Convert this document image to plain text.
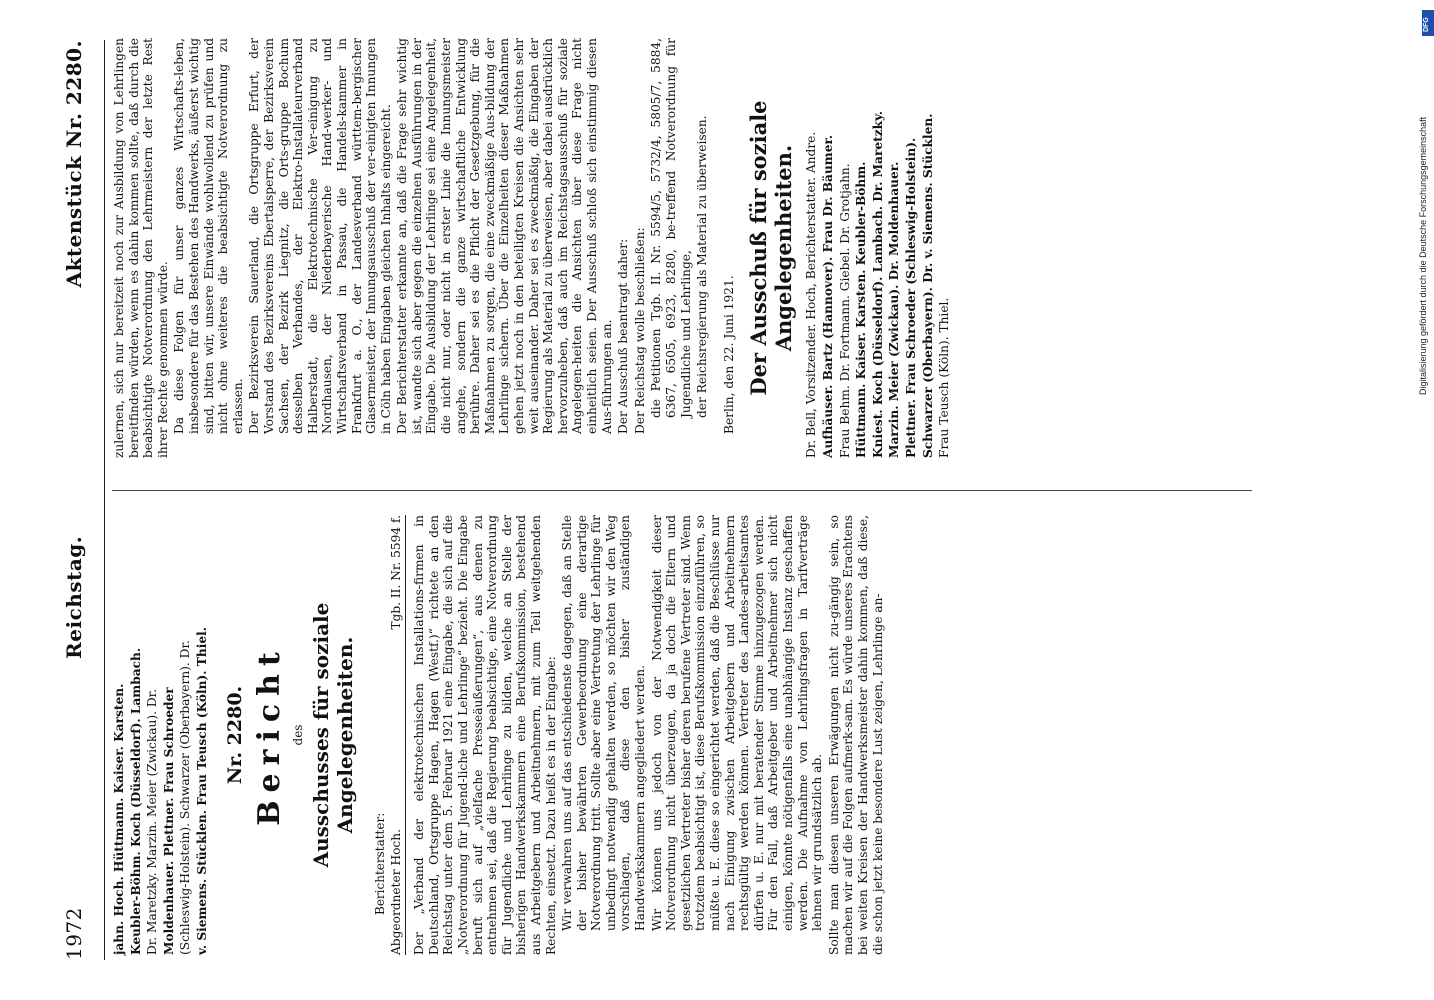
1972
Reichstag.
Aktenstück Nr. 2280.

jahn. Hoch. Hüttmann. Kaiser. Karsten. Keubler-Böhm. Koch (Düsseldorf). Lambach. Dr. Maretzky. Marzin. Meier (Zwickau). Dr. Moldenhauer. Plettner. Frau Schroeder (Schleswig-Holstein). Schwarzer (Oberbayern). Dr. v. Siemens. Stücklen. Frau Teusch (Köln). Thiel. Nr. 2280. Bericht des Ausschusses für soziale Angelegenheiten.

Berichterstatter: Abgeordneter Hoch.
Tgb. II. Nr. 5594 f. Der „Verband der elektrotechnischen Installations-firmen in Deutschland, Ortsgruppe Hagen, Hagen (Westf.)“ richtete an den Reichstag unter dem 5. Februar 1921 eine Eingabe, die sich auf die „Notverordnung für Jugend-liche und Lehrlinge“ bezieht. Die Eingabe beruft sich auf „vielfache Presseäußerungen“, aus denen zu entnehmen sei, daß die Regierung beabsichtige, eine Notverordnung für Jugendliche und Lehrlinge zu bilden, welche an Stelle der bisherigen Handwerkskammern eine Berufskommission, bestehend aus Arbeitgebern und Arbeitnehmern, mit zum Teil weitgehenden Rechten, einsetzt. Dazu heißt es in der Eingabe: Wir verwahren uns auf das entschiedenste dagegen, daß an Stelle der bisher bewährten Gewerbeordnung eine derartige Notverordnung tritt. Sollte aber eine Vertretung der Lehrlinge für unbedingt notwendig gehalten werden, so möchten wir den Weg vorschlagen, daß diese den bisher zuständigen Handwerkskammern angegliedert werden. Wir können uns jedoch von der Notwendigkeit dieser Notverordnung nicht überzeugen, da ja doch die Eltern und gesetzlichen Vertreter bisher deren berufene Vertreter sind. Wenn trotzdem beabsichtigt ist, diese Berufskommission einzuführen, so müßte u. E. diese so eingerichtet werden, daß die Beschlüsse nur nach Einigung zwischen Arbeitgebern und Arbeitnehmern rechtsgültig werden können. Vertreter des Landes-arbeitsamtes dürfen u. E. nur mit beratender Stimme hinzugezogen werden. Für den Fall, daß Arbeitgeber und Arbeitnehmer sich nicht einigen, könnte nötigenfalls eine unabhängige Instanz geschaffen werden. Die Aufnahme von Lehrlingsfragen in Tarifverträge lehnen wir grundsätzlich ab. Sollte man diesen unseren Erwägungen nicht zu-gängig sein, so machen wir auf die Folgen aufmerk-sam. Es würde unseres Erachtens bei weiten Kreisen der Handwerksmeister dahin kommen, daß diese, die schon jetzt keine besondere Lust zeigen, Lehrlinge an-

zulernen, sich nur bereitzeit noch zur Ausbildung von Lehrlingen bereitfinden würden, wenn es dahin kommen sollte, daß durch die beabsichtigte Notverordnung den Lehrmeistern der letzte Rest ihrer Rechte genommen würde. Da diese Folgen für unser ganzes Wirtschafts-leben, insbesondere für das Bestehen des Handwerks, äußerst wichtig sind, bitten wir, unsere Einwände wohlwollend zu prüfen und nicht ohne weiteres die beabsichtigte Notverordnung zu erlassen. Der Bezirksverein Sauerland, die Ortsgruppe Erfurt, der Vorstand des Bezirksvereins Ebertalsperre, der Bezirksverein Sachsen, der Bezirk Liegnitz, die Orts-gruppe Bochum desselben Verbandes, der Elektro-Installateurverband Halberstadt, die Elektrotechnische Ver-einigung zu Nordhausen, der Niederbayerische Hand-werker- und Wirtschaftsverband in Passau, die Handels-kammer in Frankfurt a. O., der Landesverband württem-bergischer Glasermeister, der Innungsausschuß der ver-einigten Innungen in Cöln haben Eingaben gleichen Inhalts eingereicht. Der Berichterstatter erkannte an, daß die Frage sehr wichtig ist, wandte sich aber gegen die einzelnen Ausführungen in der Eingabe. Die Ausbildung der Lehrlinge sei eine Angelegenheit, die nicht nur, oder nicht in erster Linie die Innungsmeister angehe, sondern die ganze wirtschaftliche Entwicklung berühre. Daher sei es die Pflicht der Gesetzgebung, für die Maßnahmen zu sorgen, die eine zweckmäßige Aus-bildung der Lehrlinge sichern. Über die Einzelheiten dieser Maßnahmen gehen jetzt noch in den beteiligten Kreisen die Ansichten sehr weit auseinander. Daher sei es zweckmäßig, die Eingaben der Regierung als Material zu überweisen, aber dabei ausdrücklich hervorzuheben, daß auch im Reichstagsausschuß für soziale Angelegen-heiten die Ansichten über diese Frage nicht einheitlich seien. Der Ausschuß schloß sich einstimmig diesen Aus-führungen an. Der Ausschuß beantragt daher: Der Reichstag wolle beschließen: die Petitionen Tgb. II. Nr. 5594/5, 5732/4, 5805/7, 5884, 6367, 6505, 6923, 8280, be-treffend Notverordnung für Jugendliche und Lehrlinge, der Reichsregierung als Material zu überweisen. Berlin, den 22. Juni 1921. Der Ausschuß für soziale Angelegenheiten. Dr. Bell, Vorsitzender. Hoch, Berichterstatter. Andre. Aufhäuser. Bartz (Hannover). Frau Dr. Bäumer. Frau Behm. Dr. Fortmann. Giebel. Dr. Grotjahn. Hüttmann. Kaiser. Karsten. Keubler-Böhm. Kniest. Koch (Düsseldorf). Lambach. Dr. Maretzky. Marzin. Meier (Zwickau). Dr. Moldenhauer. Plettner. Frau Schroeder (Schleswig-Holstein). Schwarzer (Oberbayern). Dr. v. Siemens. Stücklen. Frau Teusch (Köln). Thiel.	Digitalisierung gefördert durch die Deutsche Forschungsgemeinschaft
DFG
